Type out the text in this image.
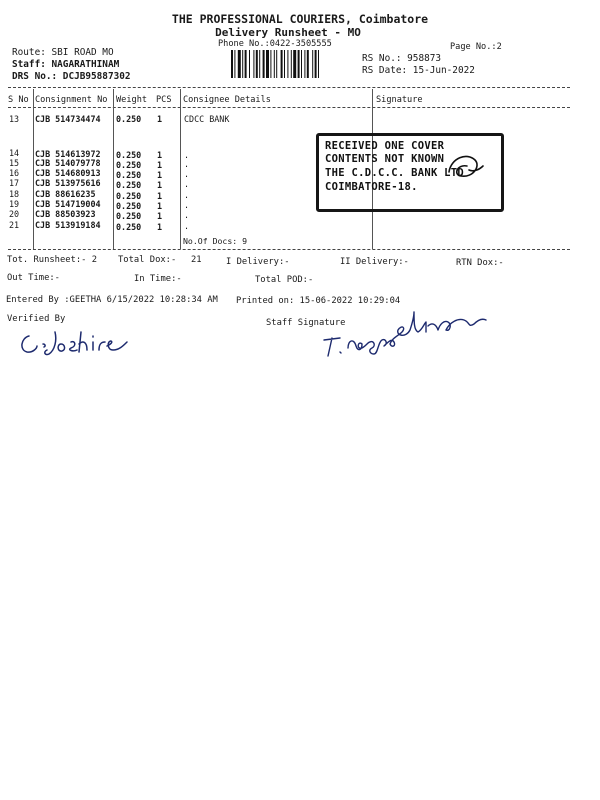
THE PROFESSIONAL COURIERS, Coimbatore
Delivery Runsheet - MO
Phone No.:0422-3505555	Page No.:2
Route: SBI ROAD MO
Staff: NAGARATHINAM
DRS No.: DCJB95887302
RS No.: 958873
RS Date: 15-Jun-2022
S No Consignment No Weight PCS Consignee Details	Signature
13 CJB 514734474 0.250 1	CDCC BANK
14 CJB 514613972 0.250 1	.
15 CJB 514079778 0.250 1	.
16 CJB 514680913 0.250 1	.
17 CJB 513975616 0.250 1	.
18 CJB 88616235 0.250 1	.
19 CJB 514719004 0.250 1	.
20 CJB 88503923 0.250 1	.
21 CJB 513919184 0.250 1	.
No.Of Docs: 9
RECEIVED ONE COVER
CONTENTS NOT KNOWN
THE C.D.C.C. BANK LTD
COIMBATORE-18.
Tot. Runsheet:- 2 Total Dox:- 21	I Delivery:-	II Delivery:-	RTN Dox:-
Out Time:-	In Time:-	Total POD:-
Entered By :GEETHA 6/15/2022 10:28:34 AM Printed on: 15-06-2022 10:29:04
Verified By	Staff Signature
